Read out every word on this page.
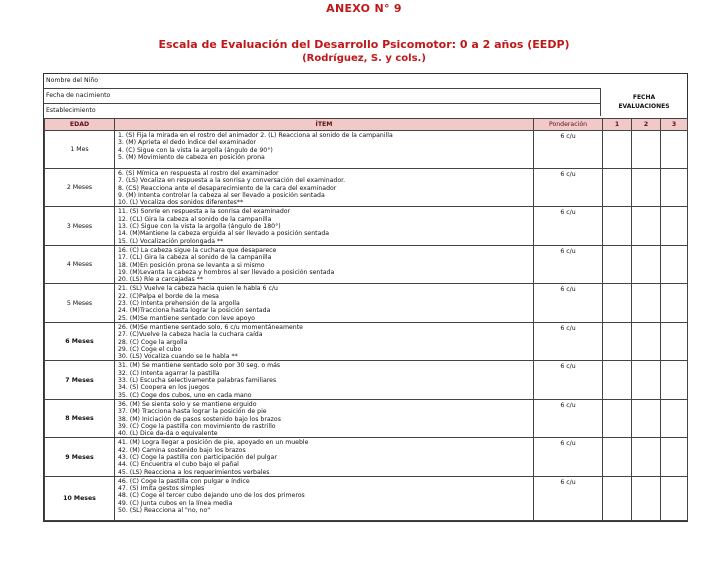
ANEXO N° 9
Escala de Evaluación del Desarrollo Psicomotor: 0 a 2 años (EEDP)
(Rodríguez, S. y cols.)
Nombre del Niño
Fecha de nacimiento
Establecimiento
FECHA
EVALUACIONES
EDAD	ÍTEM	Ponderación	1	2	3
1 Mes	1. (S) Fija la mirada en el rostro del animador 2. (L) Reacciona al sonido de la campanilla
3. (M) Aprieta el dedo índice del examinador
4. (C) Sigue con la vista la argolla (ángulo de 90°)
5. (M) Movimiento de cabeza en posición prona	6 c/u			
2 Meses	6. (S) Mímica en respuesta al rostro del examinador
7. (LS) Vocaliza en respuesta a la sonrisa y conversación del examinador.
8. (CS) Reacciona ante el desaparecimiento de la cara del examinador
9. (M) Intenta controlar la cabeza al ser llevado a posición sentada
10. (L) Vocaliza dos sonidos diferentes**	6 c/u			
3 Meses	11. (S) Sonríe en respuesta a la sonrisa del examinador
12. (CL) Gira la cabeza al sonido de la campanilla
13. (C) Sigue con la vista la argolla (ángulo de 180°)
14. (M)Mantiene la cabeza erguida al ser llevado a posición sentada
15. (L) Vocalización prolongada **	6 c/u			
4 Meses	16. (C) La cabeza sigue la cuchara que desaparece
17. (CL) Gira la cabeza al sonido de la campanilla
18. (M)En posición prona se levanta a si mismo
19. (M)Levanta la cabeza y hombros al ser llevado a posición sentada
20. (LS) Ríe a carcajadas **	6 c/u			
5 Meses	21. (SL) Vuelve la cabeza hacia quien le habla 6 c/u
22. (C)Palpa el borde de la mesa
23. (C) Intenta prehensión de la argolla
24. (M)Tracciona hasta lograr la posición sentada
25. (M)Se mantiene sentado con leve apoyo	6 c/u			
6 Meses	26. (M)Se mantiene sentado solo, 6 c/u momentáneamente
27. (C)Vuelve la cabeza hacia la cuchara caída
28. (C) Coge la argolla
29. (C) Coge el cubo
30. (LS) Vocaliza cuando se le habla **	6 c/u			
7 Meses	31. (M) Se mantiene sentado solo por 30 seg. o más
32. (C) Intenta agarrar la pastilla
33. (L) Escucha selectivamente palabras familiares
34. (S) Coopera en los juegos
35. (C) Coge dos cubos, uno en cada mano	6 c/u			
8 Meses	36. (M) Se sienta solo y se mantiene erguido
37. (M) Tracciona hasta lograr la posición de pie
38. (M) Iniciación de pasos sostenido bajo los brazos
39. (C) Coge la pastilla con movimiento de rastrillo
40. (L) Dice da-da o equivalente	6 c/u			
9 Meses	41. (M) Logra llegar a posición de pie, apoyado en un mueble
42. (M) Camina sostenido bajo los brazos
43. (C) Coge la pastilla con participación del pulgar
44. (C) Encuentra el cubo bajo el pañal
45. (LS) Reacciona a los requerimientos verbales	6 c/u			
10 Meses	46. (C) Coge la pastilla con pulgar e índice
47. (S) Imita gestos simples
48. (C) Coge el tercer cubo dejando uno de los dos primeros
49. (C) Junta cubos en la línea media
50. (SL) Reacciona al "no, no"	6 c/u			
